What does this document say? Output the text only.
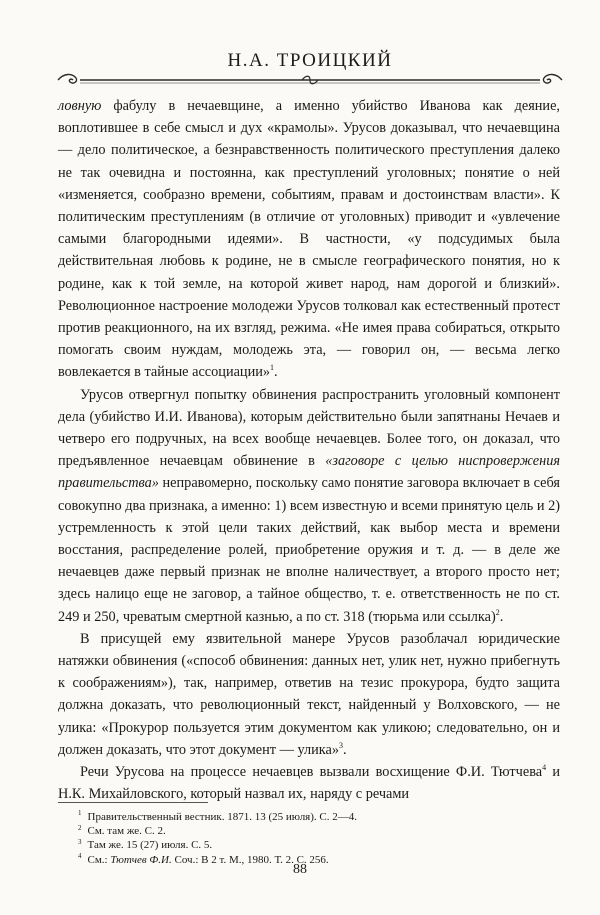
Н.А. ТРОИЦКИЙ

ловную фабулу в нечаевщине, а именно убийство Иванова как деяние, воплотившее в себе смысл и дух «крамолы». Урусов доказывал, что нечаевщина — дело политическое, а безнравственность политического преступления далеко не так очевидна и постоянна, как преступлений уголовных; понятие о ней «изменяется, сообразно времени, событиям, правам и достоинствам власти». К политическим преступлениям (в отличие от уголовных) приводит и «увлечение самыми благородными идеями». В частности, «у подсудимых была действительная любовь к родине, не в смысле географического понятия, но к родине, как к той земле, на которой живет народ, нам дорогой и близкий». Революционное настроение молодежи Урусов толковал как естественный протест против реакционного, на их взгляд, режима. «Не имея права собираться, открыто помогать своим нуждам, молодежь эта, — говорил он, — весьма легко вовлекается в тайные ассоциации»$^1$.

Урусов отвергнул попытку обвинения распространить уголовный компонент дела (убийство И.И. Иванова), которым действительно были запятнаны Нечаев и четверо его подручных, на всех вообще нечаевцев. Более того, он доказал, что предъявленное нечаевцам обвинение в «заговоре с целью ниспровержения правительства» неправомерно, поскольку само понятие заговора включает в себя совокупно два признака, а именно: 1) всем известную и всеми принятую цель и 2) устремленность к этой цели таких действий, как выбор места и времени восстания, распределение ролей, приобретение оружия и т. д. — в деле же нечаевцев даже первый признак не вполне наличествует, а второго просто нет; здесь налицо еще не заговор, а тайное общество, т. е. ответственность не по ст. 249 и 250, чреватым смертной казнью, а по ст. 318 (тюрьма или ссылка)$^2$.

В присущей ему язвительной манере Урусов разоблачал юридические натяжки обвинения («способ обвинения: данных нет, улик нет, нужно прибегнуть к соображениям»), так, например, ответив на тезис прокурора, будто защита должна доказать, что революционный текст, найденный у Волховского, — не улика: «Прокурор пользуется этим документом как уликою; следовательно, он и должен доказать, что этот документ — улика»$^3$.

Речи Урусова на процессе нечаевцев вызвали восхищение Ф.И. Тютчева$^4$ и Н.К. Михайловского, который назвал их, наряду с речами

$^1$ Правительственный вестник. 1871. 13 (25 июля). С. 2—4.
$^2$ См. там же. С. 2.
$^3$ Там же. 15 (27) июля. С. 5.
$^4$ См.: Тютчев Ф.И. Соч.: В 2 т. М., 1980. Т. 2. С. 256.
88
